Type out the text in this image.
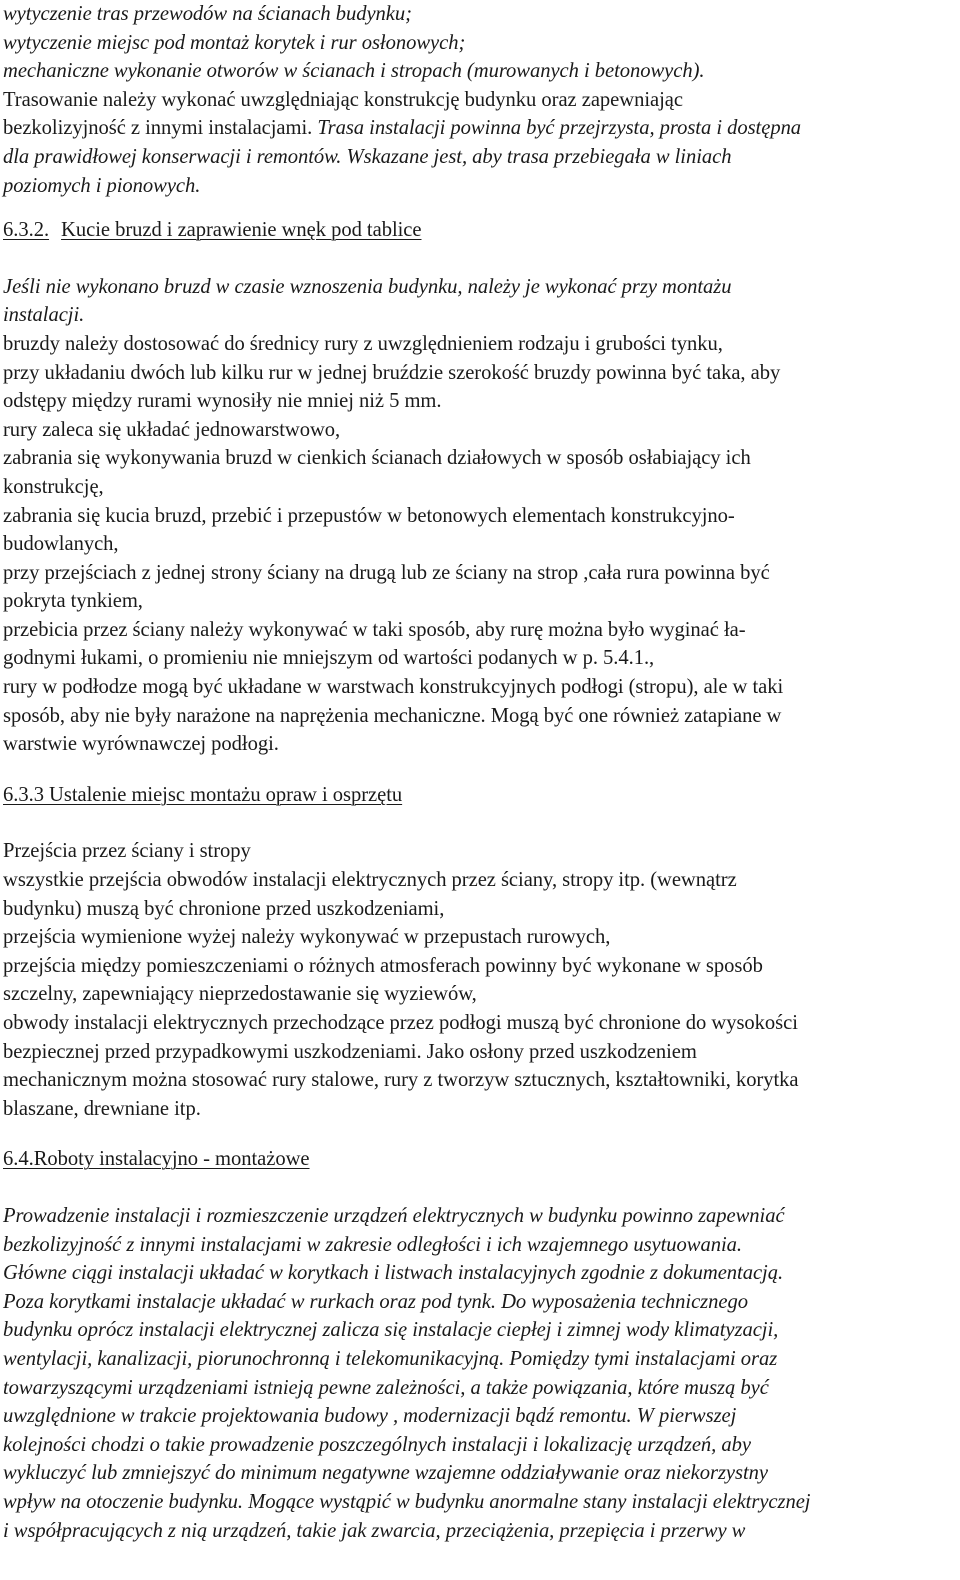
wytyczenie tras przewodów na ścianach budynku;
wytyczenie miejsc pod montaż korytek i rur osłonowych;
mechaniczne wykonanie otworów w ścianach i stropach (murowanych i betonowych).
Trasowanie należy wykonać uwzględniając konstrukcję budynku oraz zapewniając
bezkolizyjność z innymi instalacjami. Trasa instalacji powinna być przejrzysta, prosta i dostępna
dla prawidłowej konserwacji i remontów. Wskazane jest, aby trasa przebiegała w liniach
poziomych i pionowych.
6.3.2. Kucie bruzd i zaprawienie wnęk pod tablice
Jeśli nie wykonano bruzd w czasie wznoszenia budynku, należy je wykonać przy montażu
instalacji.
bruzdy należy dostosować do średnicy rury z uwzględnieniem rodzaju i grubości tynku,
przy układaniu dwóch lub kilku rur w jednej bruździe szerokość bruzdy powinna być taka, aby
odstępy między rurami wynosiły nie mniej niż 5 mm.
rury zaleca się układać jednowarstwowo,
zabrania się wykonywania bruzd w cienkich ścianach działowych w sposób osłabiający ich
konstrukcję,
zabrania się kucia bruzd, przebić i przepustów w betonowych elementach konstrukcyjno-
budowlanych,
przy przejściach z jednej strony ściany na drugą lub ze ściany na strop ,cała rura powinna być
pokryta tynkiem,
przebicia przez ściany należy wykonywać w taki sposób, aby rurę można było wyginać ła-
godnymi łukami, o promieniu nie mniejszym od wartości podanych w p. 5.4.1.,
rury w podłodze mogą być układane w warstwach konstrukcyjnych podłogi (stropu), ale w taki
sposób, aby nie były narażone na naprężenia mechaniczne. Mogą być one również zatapiane w
warstwie wyrównawczej podłogi.
6.3.3 Ustalenie miejsc montażu opraw i osprzętu
Przejścia przez ściany i stropy
wszystkie przejścia obwodów instalacji elektrycznych przez ściany, stropy itp. (wewnątrz
budynku) muszą być chronione przed uszkodzeniami,
przejścia wymienione wyżej należy wykonywać w przepustach rurowych,
przejścia między pomieszczeniami o różnych atmosferach powinny być wykonane w sposób
szczelny, zapewniający nieprzedostawanie się wyziewów,
obwody instalacji elektrycznych przechodzące przez podłogi muszą być chronione do wysokości
bezpiecznej przed przypadkowymi uszkodzeniami. Jako osłony przed uszkodzeniem
mechanicznym można stosować rury stalowe, rury z tworzyw sztucznych, kształtowniki, korytka
blaszane, drewniane itp.
6.4.Roboty instalacyjno - montażowe
Prowadzenie instalacji i rozmieszczenie urządzeń elektrycznych w budynku powinno zapewniać
bezkolizyjność z innymi instalacjami w zakresie odległości i ich wzajemnego usytuowania.
Główne ciągi instalacji układać w korytkach i listwach instalacyjnych zgodnie z dokumentacją.
Poza korytkami instalacje układać w rurkach oraz pod tynk. Do wyposażenia technicznego
budynku oprócz instalacji elektrycznej zalicza się instalacje ciepłej i zimnej wody klimatyzacji,
wentylacji, kanalizacji, piorunochronną i telekomunikacyjną. Pomiędzy tymi instalacjami oraz
towarzyszącymi urządzeniami istnieją pewne zależności, a także powiązania, które muszą być
uwzględnione w trakcie projektowania budowy , modernizacji bądź remontu. W pierwszej
kolejności chodzi o takie prowadzenie poszczególnych instalacji i lokalizację urządzeń, aby
wykluczyć lub zmniejszyć do minimum negatywne wzajemne oddziaływanie oraz niekorzystny
wpływ na otoczenie budynku. Mogące wystąpić w budynku anormalne stany instalacji elektrycznej
i współpracujących z nią urządzeń, takie jak zwarcia, przeciążenia, przepięcia i przerwy w
